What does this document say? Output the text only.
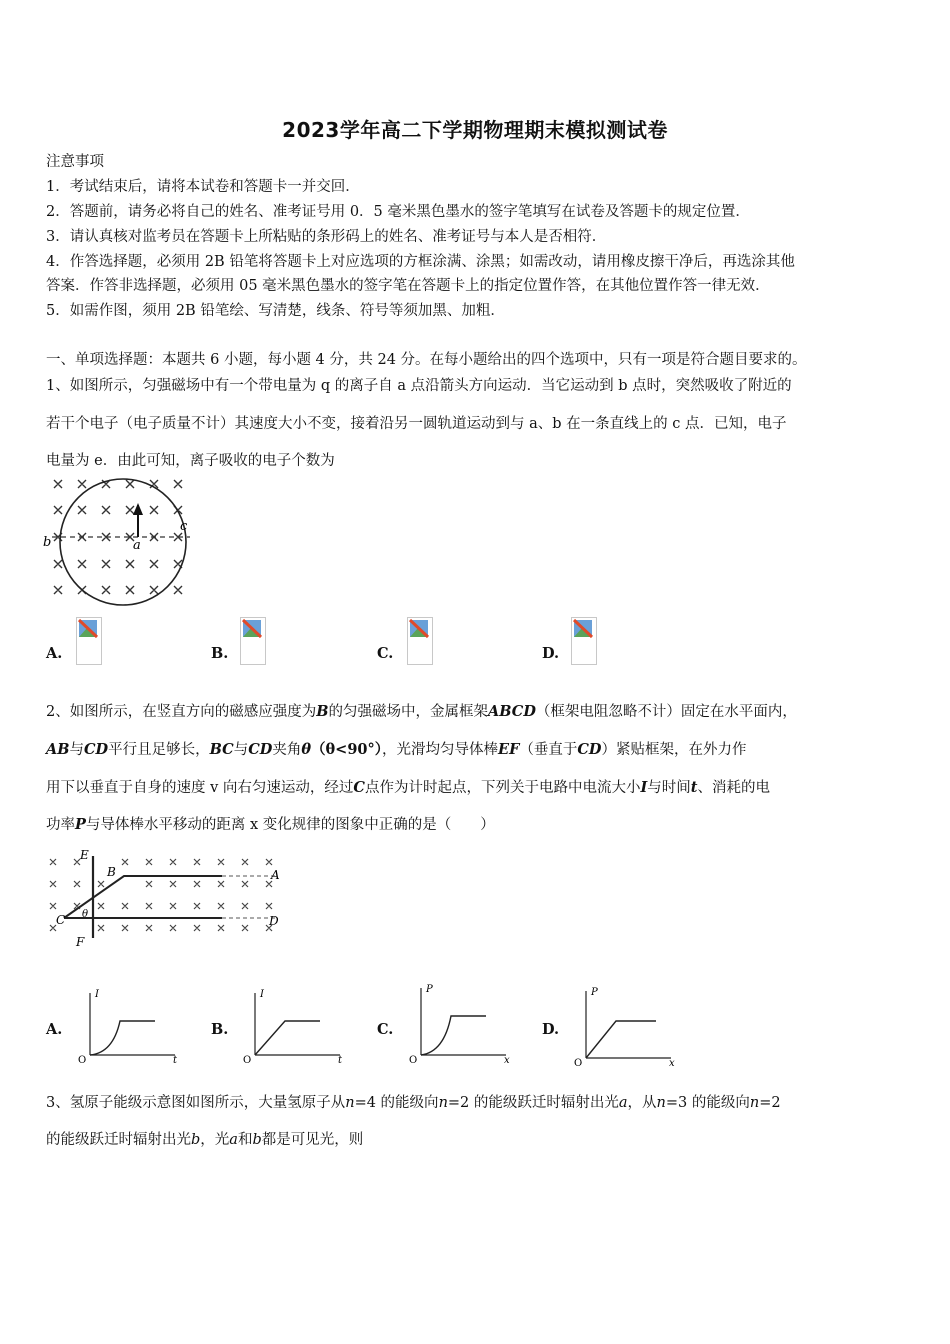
2023学年高二下学期物理期末模拟测试卷
注意事项
1．考试结束后，请将本试卷和答题卡一并交回．
2．答题前，请务必将自己的姓名、准考证号用 0．5 毫米黑色墨水的签字笔填写在试卷及答题卡的规定位置．
3．请认真核对监考员在答题卡上所粘贴的条形码上的姓名、准考证号与本人是否相符．
4．作答选择题，必须用 2B 铅笔将答题卡上对应选项的方框涂满、涂黑；如需改动，请用橡皮擦干净后，再选涂其他
答案．作答非选择题，必须用 05 毫米黑色墨水的签字笔在答题卡上的指定位置作答，在其他位置作答一律无效．
5．如需作图，须用 2B 铅笔绘、写清楚，线条、符号等须加黑、加粗．
一、单项选择题：本题共 6 小题，每小题 4 分，共 24 分。在每小题给出的四个选项中，只有一项是符合题目要求的。
1、如图所示，匀强磁场中有一个带电量为 q 的离子自 a 点沿箭头方向运动．当它运动到 b 点时，突然吸收了附近的
若干个电子（电子质量不计）其速度大小不变，接着沿另一圆轨道运动到与 a、b 在一条直线上的 c 点．已知，电子
电量为 e．由此可知，离子吸收的电子个数为
a
b
c
A.	B.	C.	D.
2、如图所示，在竖直方向的磁感应强度为B的匀强磁场中，金属框架ABCD（框架电阻忽略不计）固定在水平面内，
AB与CD平行且足够长，BC与CD夹角θ（θ<90°），光滑均匀导体棒EF（垂直于CD）紧贴框架，在外力作
用下以垂直于自身的速度 v 向右匀速运动，经过C点作为计时起点，下列关于电路中电流大小I与时间t、消耗的电
功率P与导体棒水平移动的距离 x 变化规律的图象中正确的是（　　）
E
F
B	A
C	D
θ
A.
I
t
O
B.
I
t
O
C.
P
x
O
D.
P
x
O
3、氢原子能级示意图如图所示，大量氢原子从n=4 的能级向n=2 的能级跃迁时辐射出光a，从n=3 的能级向n=2
的能级跃迁时辐射出光b，光a和b都是可见光，则
